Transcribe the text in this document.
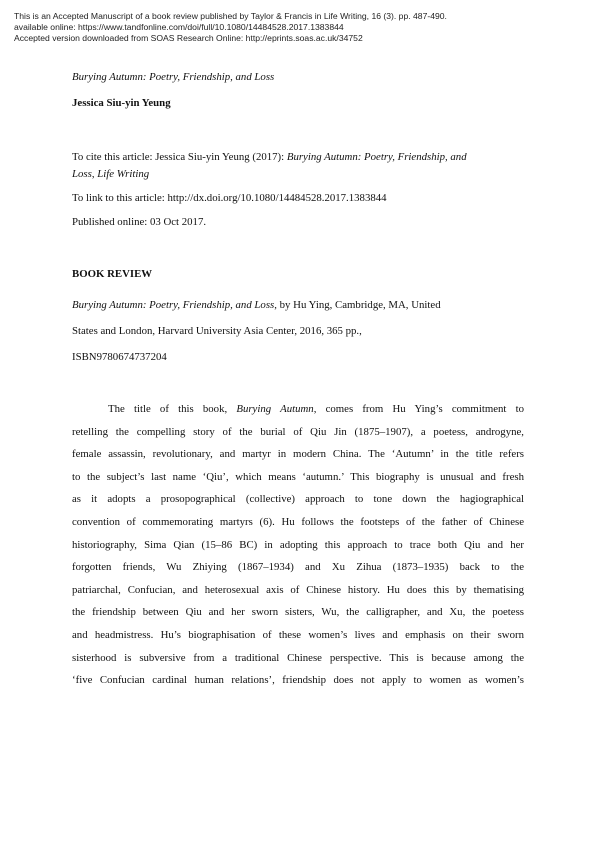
This is an Accepted Manuscript of a book review published by Taylor & Francis in Life Writing, 16 (3). pp. 487-490.
available online: https://www.tandfonline.com/doi/full/10.1080/14484528.2017.1383844
Accepted version downloaded from SOAS Research Online: http://eprints.soas.ac.uk/34752
Burying Autumn: Poetry, Friendship, and Loss
Jessica Siu-yin Yeung
To cite this article: Jessica Siu-yin Yeung (2017): Burying Autumn: Poetry, Friendship, and
Loss, Life Writing
To link to this article: http://dx.doi.org/10.1080/14484528.2017.1383844
Published online: 03 Oct 2017.
BOOK REVIEW
Burying Autumn: Poetry, Friendship, and Loss, by Hu Ying, Cambridge, MA, United
States and London, Harvard University Asia Center, 2016, 365 pp.,
ISBN9780674737204
The title of this book, Burying Autumn, comes from Hu Ying’s commitment to
retelling the compelling story of the burial of Qiu Jin (1875–1907), a poetess, androgyne,
female assassin, revolutionary, and martyr in modern China. The ‘Autumn’ in the title refers
to the subject’s last name ‘Qiu’, which means ‘autumn.’ This biography is unusual and fresh
as it adopts a prosopographical (collective) approach to tone down the hagiographical
convention of commemorating martyrs (6). Hu follows the footsteps of the father of Chinese
historiography, Sima Qian (15–86 BC) in adopting this approach to trace both Qiu and her
forgotten friends, Wu Zhiying (1867–1934) and Xu Zihua (1873–1935) back to the
patriarchal, Confucian, and heterosexual axis of Chinese history. Hu does this by thematising
the friendship between Qiu and her sworn sisters, Wu, the calligrapher, and Xu, the poetess
and headmistress. Hu’s biographisation of these women’s lives and emphasis on their sworn
sisterhood is subversive from a traditional Chinese perspective. This is because among the
‘five Confucian cardinal human relations’, friendship does not apply to women as women’s
